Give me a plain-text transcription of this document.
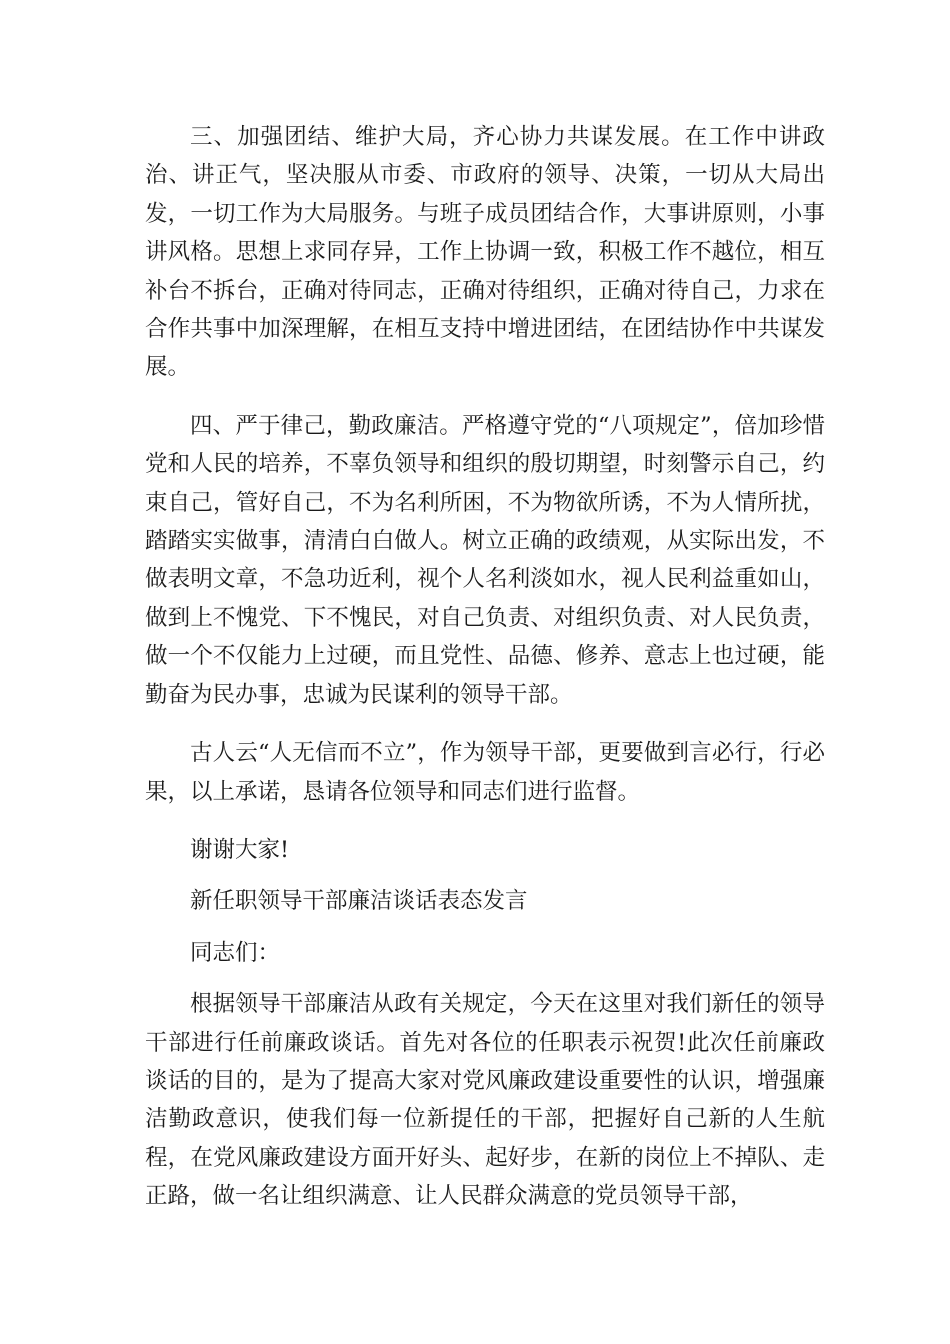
三、加强团结、维护大局，齐心协力共谋发展。在工作中讲政治、讲正气，坚决服从市委、市政府的领导、决策，一切从大局出发，一切工作为大局服务。与班子成员团结合作，大事讲原则，小事讲风格。思想上求同存异，工作上协调一致，积极工作不越位，相互补台不拆台，正确对待同志，正确对待组织，正确对待自己，力求在合作共事中加深理解，在相互支持中增进团结，在团结协作中共谋发展。

四、严于律己，勤政廉洁。严格遵守党的“八项规定”，倍加珍惜党和人民的培养，不辜负领导和组织的殷切期望，时刻警示自己，约束自己，管好自己，不为名利所困，不为物欲所诱，不为人情所扰，踏踏实实做事，清清白白做人。树立正确的政绩观，从实际出发，不做表明文章，不急功近利，视个人名利淡如水，视人民利益重如山，做到上不愧党、下不愧民，对自己负责、对组织负责、对人民负责，做一个不仅能力上过硬，而且党性、品德、修养、意志上也过硬，能勤奋为民办事，忠诚为民谋利的领导干部。

古人云“人无信而不立”，作为领导干部，更要做到言必行，行必果，以上承诺，恳请各位领导和同志们进行监督。

谢谢大家!

新任职领导干部廉洁谈话表态发言

同志们：

根据领导干部廉洁从政有关规定，今天在这里对我们新任的领导干部进行任前廉政谈话。首先对各位的任职表示祝贺!此次任前廉政谈话的目的，是为了提高大家对党风廉政建设重要性的认识，增强廉洁勤政意识，使我们每一位新提任的干部，把握好自己新的人生航程，在党风廉政建设方面开好头、起好步，在新的岗位上不掉队、走正路，做一名让组织满意、让人民群众满意的党员领导干部，
